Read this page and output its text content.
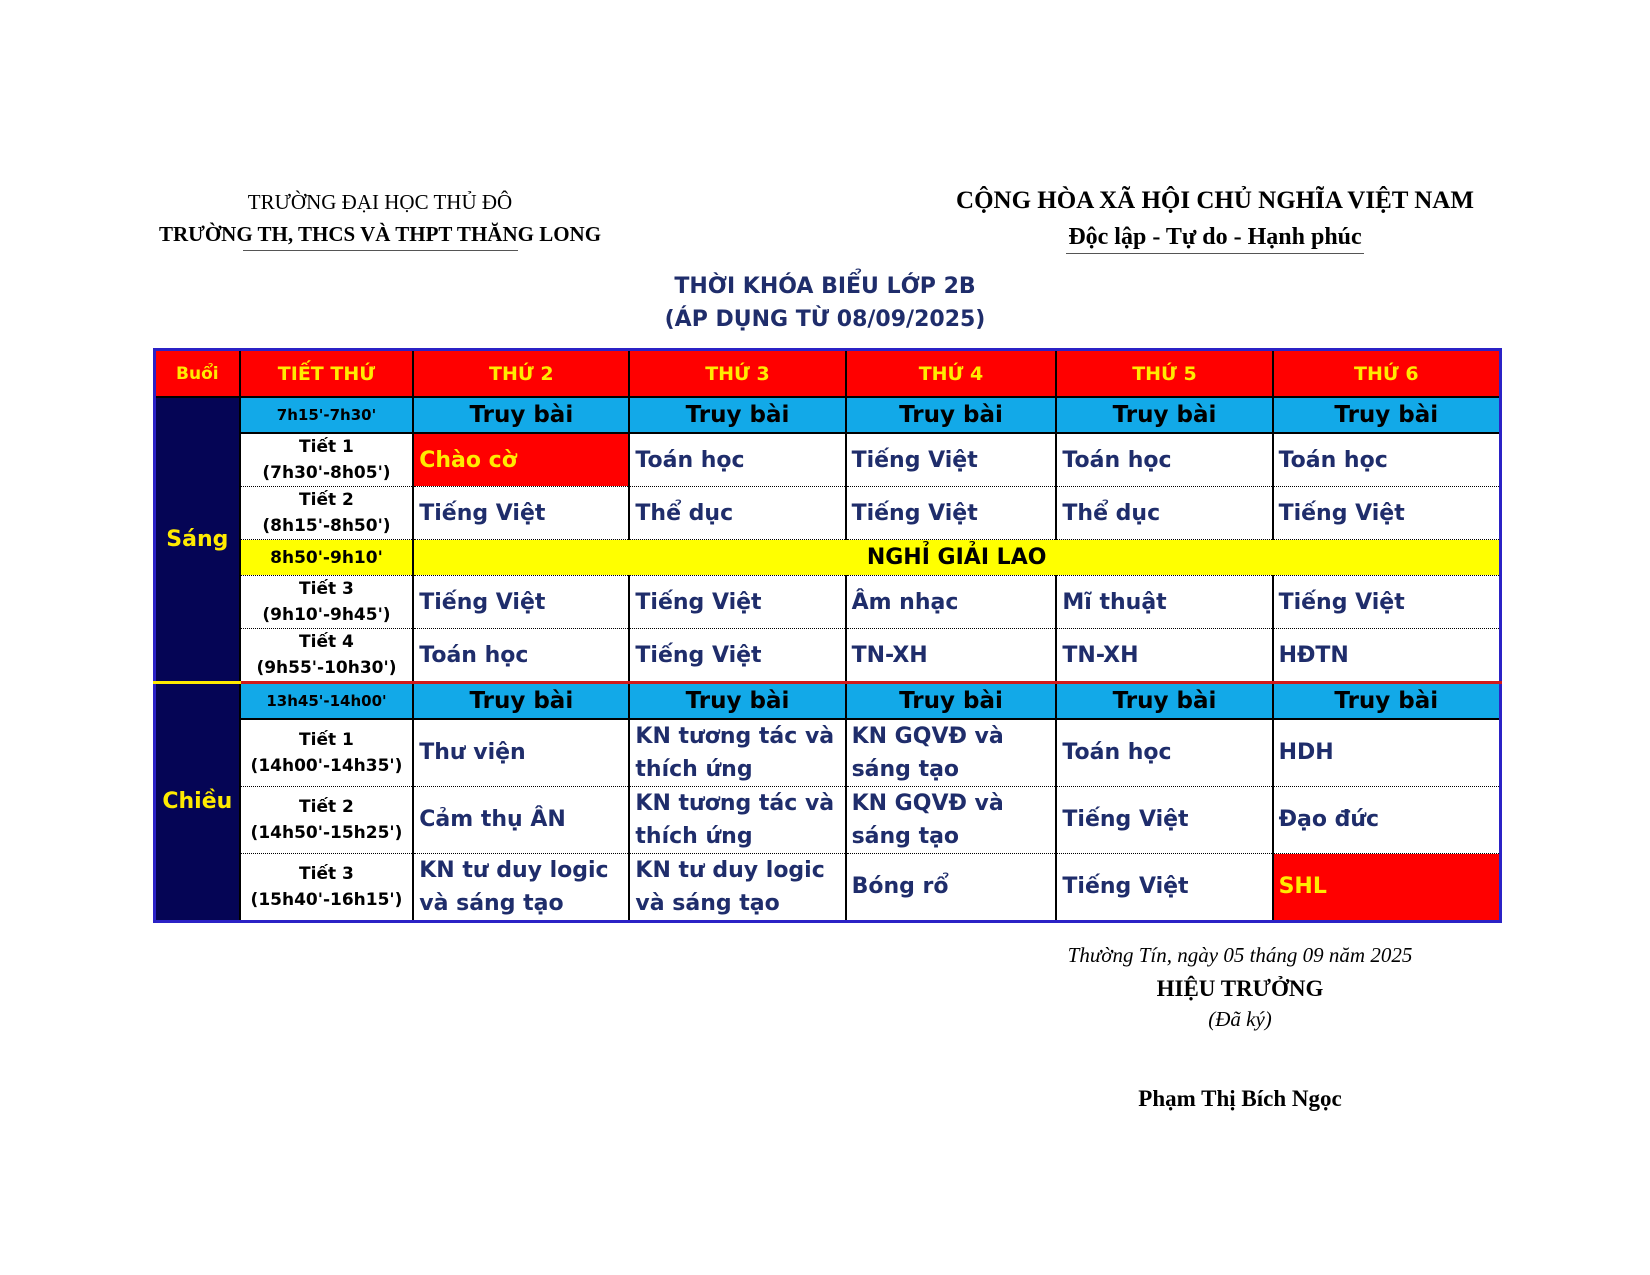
TRƯỜNG ĐẠI HỌC THỦ ĐÔ
TRƯỜNG TH, THCS VÀ THPT THĂNG LONG
CỘNG HÒA XÃ HỘI CHỦ NGHĨA VIỆT NAM
Độc lập - Tự do - Hạnh phúc
THỜI KHÓA BIỂU LỚP 2B
(ÁP DỤNG TỪ 08/09/2025)
Buổi	TIẾT THỨ	THỨ 2	THỨ 3	THỨ 4	THỨ 5	THỨ 6
Sáng	7h15'-7h30'	Truy bài	Truy bài	Truy bài	Truy bài	Truy bài

	Tiết 1
(7h30'-8h05')	Chào cờ	Toán học	Tiếng Việt	Toán học	Toán học

	Tiết 2
(8h15'-8h50')	Tiếng Việt	Thể dục	Tiếng Việt	Thể dục	Tiếng Việt
	8h50'-9h10'	NGHỈ GIẢI LAO				

	Tiết 3
(9h10'-9h45')	Tiếng Việt	Tiếng Việt	Âm nhạc	Mĩ thuật	Tiếng Việt

	Tiết 4
(9h55'-10h30')	Toán học	Tiếng Việt	TN-XH	TN-XH	HĐTN
Chiều	13h45'-14h00'	Truy bài	Truy bài	Truy bài	Truy bài	Truy bài

	Tiết 1
(14h00'-14h35')	Thư viện	KN tương tác và thích ứng	KN GQVĐ và sáng tạo	Toán học	HDH

	Tiết 2
(14h50'-15h25')	Cảm thụ ÂN	KN tương tác và thích ứng	KN GQVĐ và sáng tạo	Tiếng Việt	Đạo đức

	Tiết 3
(15h40'-16h15')	KN tư duy logic và sáng tạo	KN tư duy logic và sáng tạo	Bóng rổ	Tiếng Việt	SHL
Thường Tín, ngày 05 tháng 09 năm 2025
HIỆU TRƯỞNG
(Đã ký)
Phạm Thị Bích Ngọc
